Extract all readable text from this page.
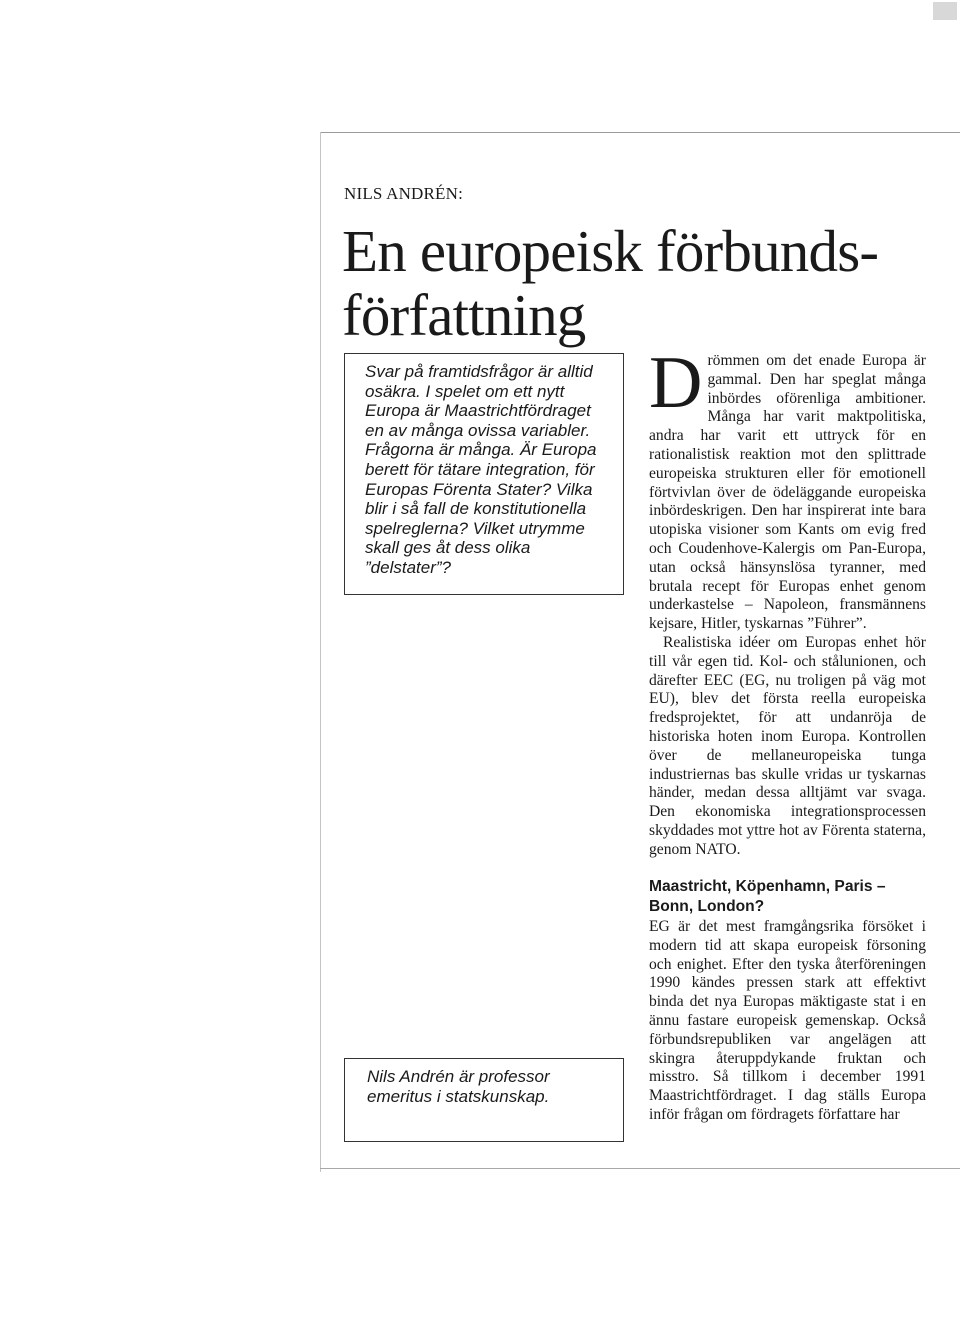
NILS ANDRÉN:
En europeisk förbunds-
författning

Svar på framtidsfrågor är alltid osäkra. I spelet om ett nytt Europa är Maastrichtfördraget en av många ovissa variabler. Frågorna är många. Är Europa berett för tätare integration, för Europas Förenta Stater? Vilka blir i så fall de konstitutionella spelreglerna? Vilket utrymme skall ges åt dess olika ”delstater”?

Nils Andrén är professor emeritus i statskunskap.

Drömmen om det enade Europa är gammal. Den har speglat många inbördes oförenliga ambitioner. Många har varit maktpolitiska, andra har varit ett uttryck för en rationalistisk reaktion mot den splittrade europeiska strukturen eller för emotionell förtvivlan över de ödeläggande europeiska inbördeskrigen. Den har inspirerat inte bara utopiska visioner som Kants om evig fred och Coudenhove-Kalergis om Pan-Europa, utan också hänsynslösa tyranner, med brutala recept för Europas enhet genom underkastelse – Napoleon, fransmännens kejsare, Hitler, tyskarnas ”Führer”.

Realistiska idéer om Europas enhet hör till vår egen tid. Kol- och stålunionen, och därefter EEC (EG, nu troligen på väg mot EU), blev det första reella europeiska fredsprojektet, för att undanröja de historiska hoten inom Europa. Kontrollen över de mellaneuropeiska tunga industriernas bas skulle vridas ur tyskarnas händer, medan dessa alltjämt var svaga. Den ekonomiska integrationsprocessen skyddades mot yttre hot av Förenta staterna, genom NATO.

Maastricht, Köpenhamn, Paris – Bonn, London?

EG är det mest framgångsrika försöket i modern tid att skapa europeisk försoning och enighet. Efter den tyska återföreningen 1990 kändes pressen stark att effektivt binda det nya Europas mäktigaste stat i en ännu fastare europeisk gemenskap. Också förbundsrepubliken var angelägen att skingra återuppdykande fruktan och misstro. Så tillkom i december 1991 Maastrichtfördraget. I dag ställs Europa inför frågan om fördragets författare har
